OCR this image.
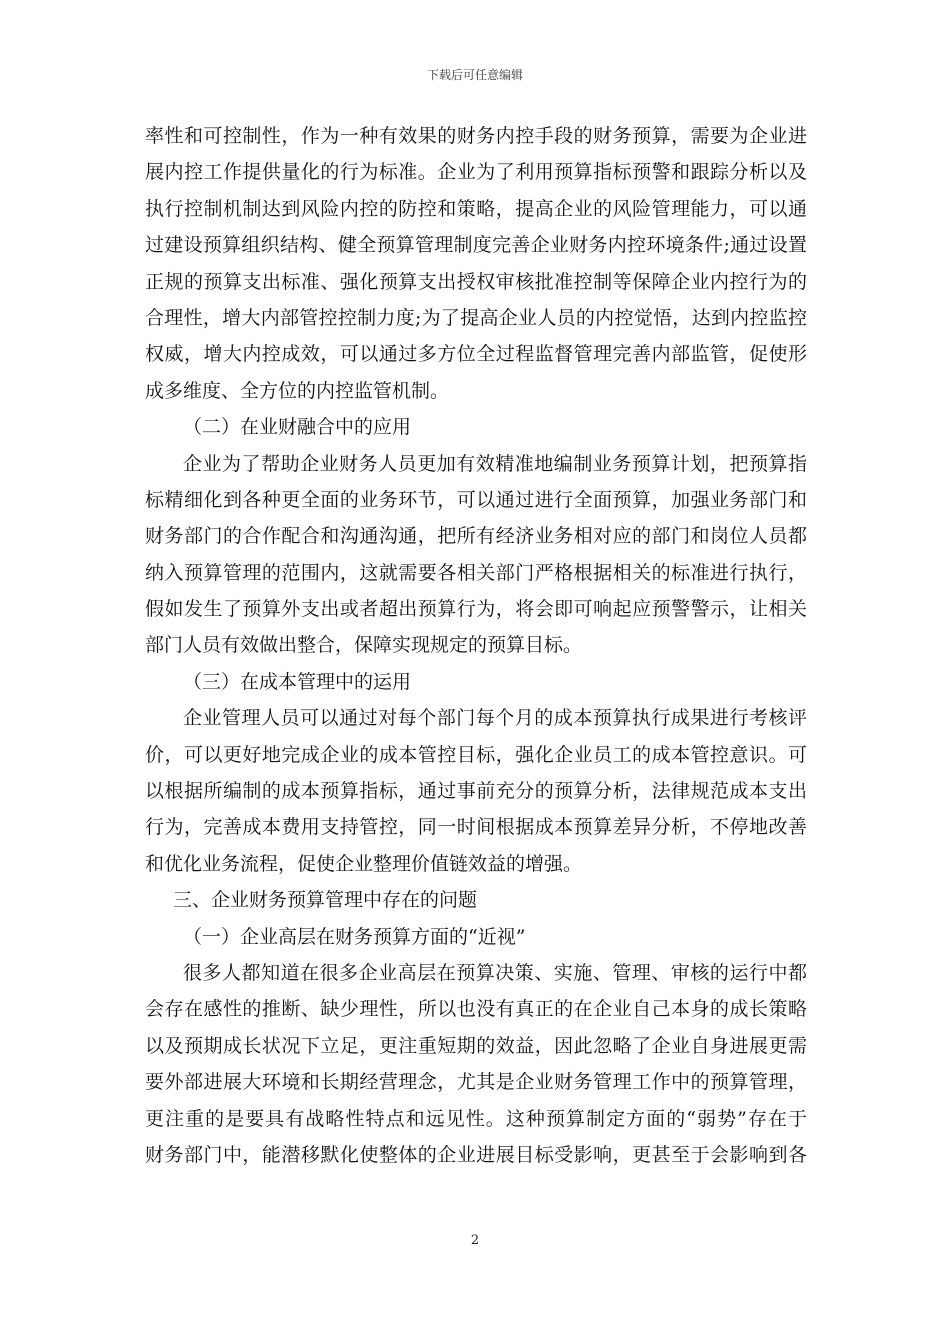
下载后可任意编辑
率性和可控制性，作为一种有效果的财务内控手段的财务预算，需要为企业进
展内控工作提供量化的行为标准。企业为了利用预算指标预警和跟踪分析以及
执行控制机制达到风险内控的防控和策略，提高企业的风险管理能力，可以通
过建设预算组织结构、健全预算管理制度完善企业财务内控环境条件;通过设置
正规的预算支出标准、强化预算支出授权审核批准控制等保障企业内控行为的
合理性，增大内部管控控制力度;为了提高企业人员的内控觉悟，达到内控监控
权威，增大内控成效，可以通过多方位全过程监督管理完善内部监管，促使形
成多维度、全方位的内控监管机制。
（二）在业财融合中的应用
企业为了帮助企业财务人员更加有效精准地编制业务预算计划，把预算指
标精细化到各种更全面的业务环节，可以通过进行全面预算，加强业务部门和
财务部门的合作配合和沟通沟通，把所有经济业务相对应的部门和岗位人员都
纳入预算管理的范围内，这就需要各相关部门严格根据相关的标准进行执行，
假如发生了预算外支出或者超出预算行为，将会即可响起应预警警示，让相关
部门人员有效做出整合，保障实现规定的预算目标。
（三）在成本管理中的运用
企业管理人员可以通过对每个部门每个月的成本预算执行成果进行考核评
价，可以更好地完成企业的成本管控目标，强化企业员工的成本管控意识。可
以根据所编制的成本预算指标，通过事前充分的预算分析，法律规范成本支出
行为，完善成本费用支持管控，同一时间根据成本预算差异分析，不停地改善
和优化业务流程，促使企业整理价值链效益的增强。
三、企业财务预算管理中存在的问题
（一）企业高层在财务预算方面的“近视”
很多人都知道在很多企业高层在预算决策、实施、管理、审核的运行中都
会存在感性的推断、缺少理性，所以也没有真正的在企业自己本身的成长策略
以及预期成长状况下立足，更注重短期的效益，因此忽略了企业自身进展更需
要外部进展大环境和长期经营理念，尤其是企业财务管理工作中的预算管理，
更注重的是要具有战略性特点和远见性。这种预算制定方面的“弱势”存在于
财务部门中，能潜移默化使整体的企业进展目标受影响，更甚至于会影响到各
2
